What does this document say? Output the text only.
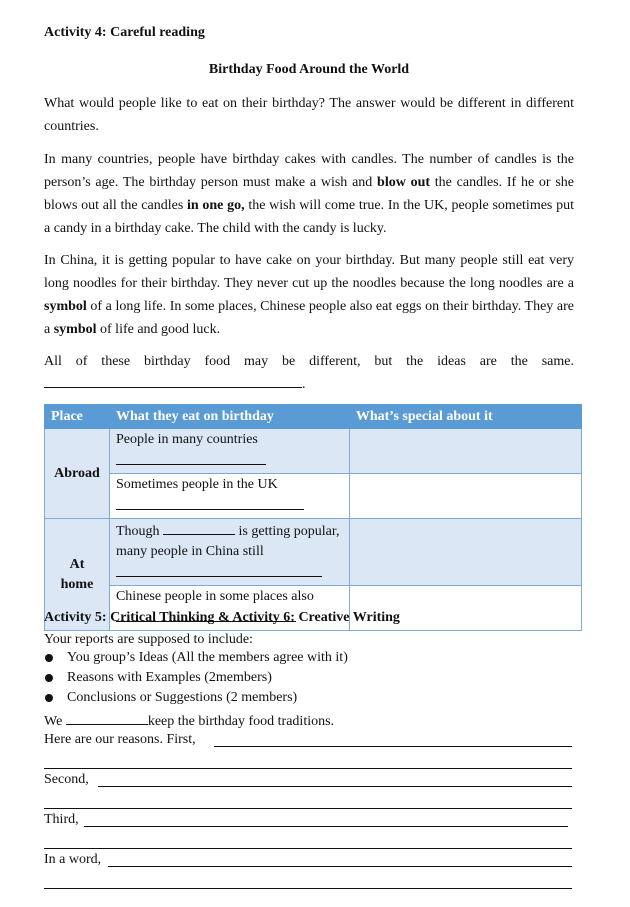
Activity 4: Careful reading
Birthday Food Around the World
What would people like to eat on their birthday? The answer would be different in different countries.
In many countries, people have birthday cakes with candles. The number of candles is the person’s age. The birthday person must make a wish and blow out the candles. If he or she blows out all the candles in one go, the wish will come true. In the UK, people sometimes put a candy in a birthday cake. The child with the candy is lucky.
In China, it is getting popular to have cake on your birthday. But many people still eat very long noodles for their birthday. They never cut up the noodles because the long noodles are a symbol of a long life. In some places, Chinese people also eat eggs on their birthday. They are a symbol of life and good luck.
All of these birthday food may be different, but the ideas are the same.
.
Place	What they eat on birthday	What’s special about it
Abroad	People in many countries	
	Sometimes people in the UK	

At
home	Though is getting popular, many people in China still

	Chinese people in some places also	
Activity 5: Critical Thinking & Activity 6: Creative Writing
Your reports are supposed to include:
You group’s Ideas (All the members agree with it)
Reasons with Examples (2members)
Conclusions or Suggestions (2 members)
We	keep the birthday food traditions.
Here are our reasons. First,
Second,
Third,
In a word,
